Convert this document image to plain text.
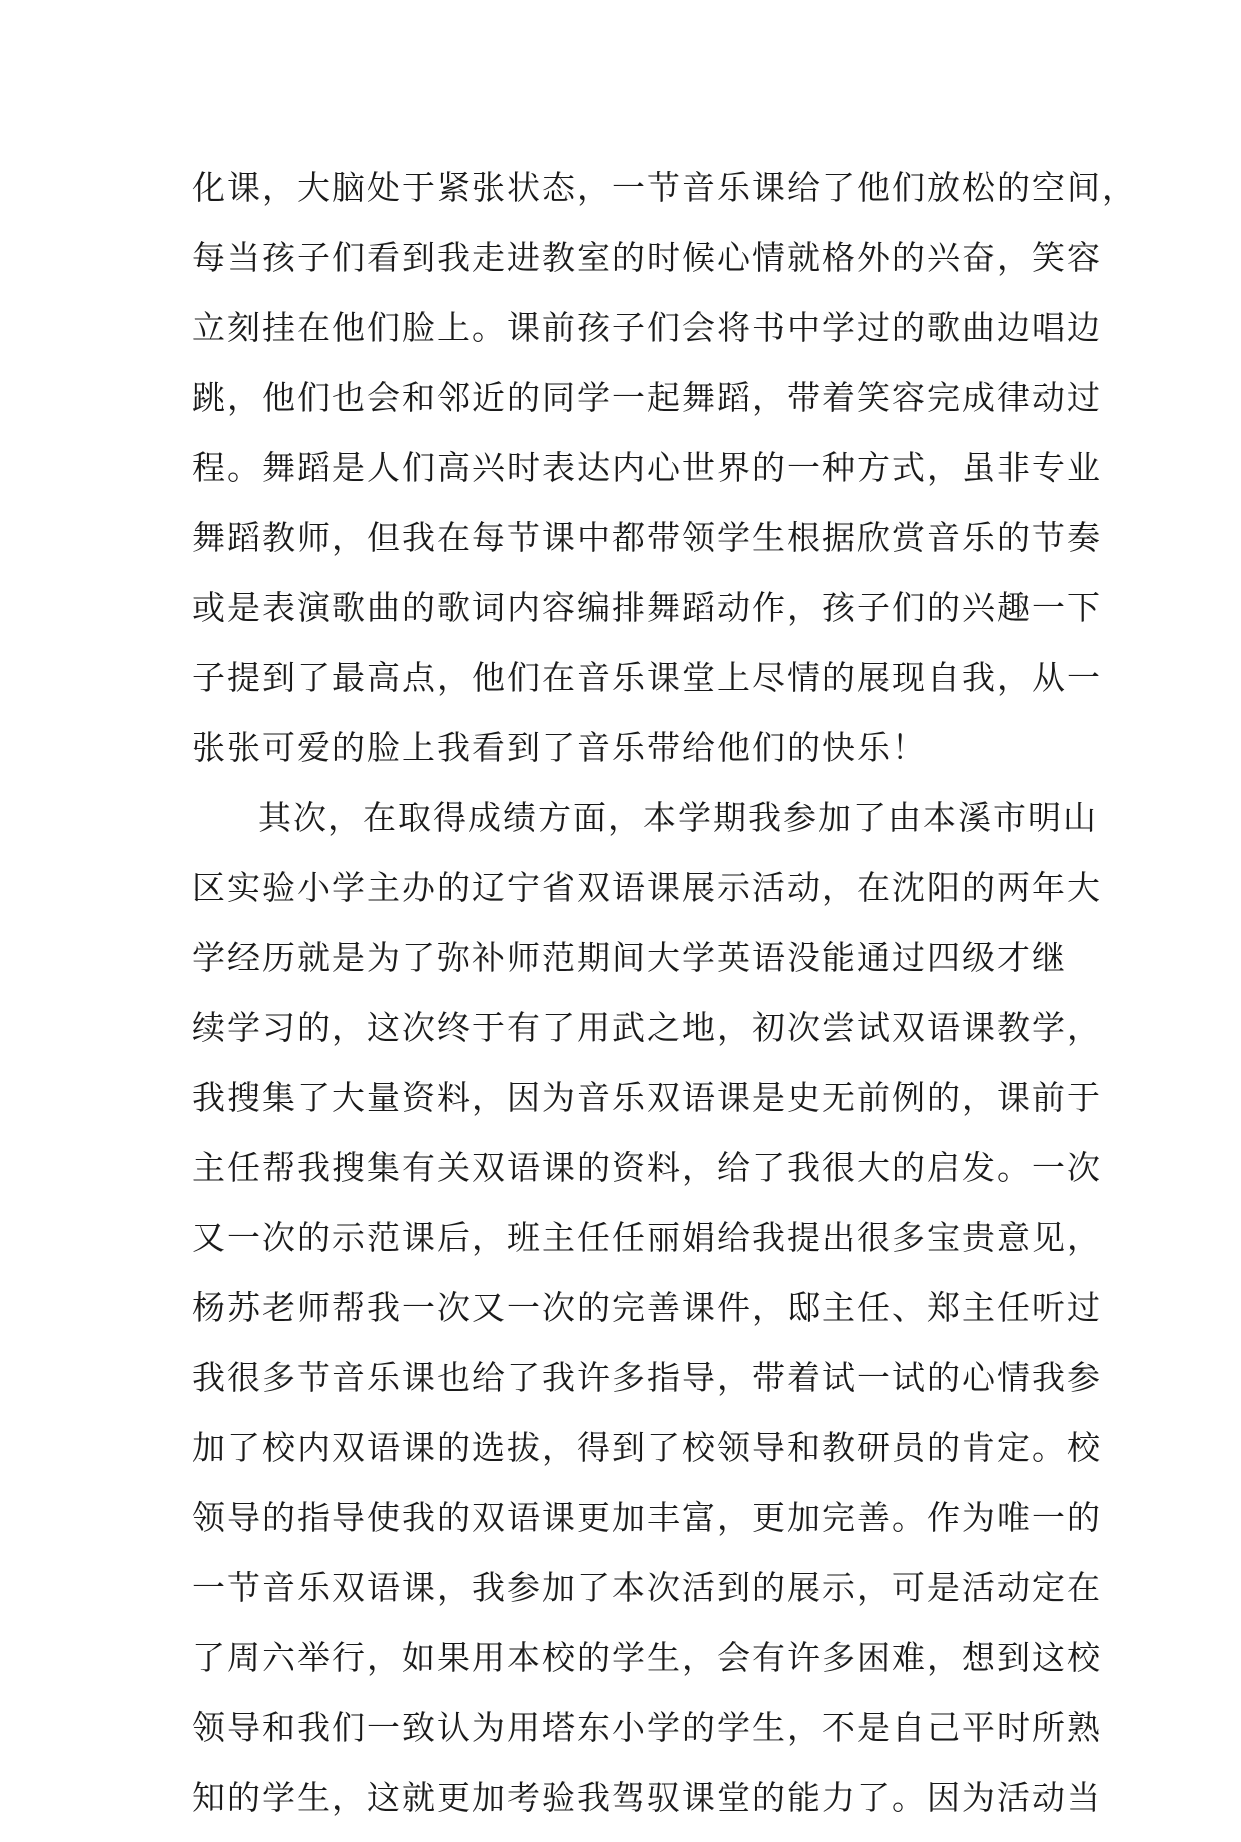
化课，大脑处于紧张状态，一节音乐课给了他们放松的空间，
每当孩子们看到我走进教室的时候心情就格外的兴奋，笑容
立刻挂在他们脸上。课前孩子们会将书中学过的歌曲边唱边
跳，他们也会和邻近的同学一起舞蹈，带着笑容完成律动过
程。舞蹈是人们高兴时表达内心世界的一种方式，虽非专业
舞蹈教师，但我在每节课中都带领学生根据欣赏音乐的节奏
或是表演歌曲的歌词内容编排舞蹈动作，孩子们的兴趣一下
子提到了最高点，他们在音乐课堂上尽情的展现自我，从一
张张可爱的脸上我看到了音乐带给他们的快乐！
其次，在取得成绩方面，本学期我参加了由本溪市明山
区实验小学主办的辽宁省双语课展示活动，在沈阳的两年大
学经历就是为了弥补师范期间大学英语没能通过四级才继
续学习的，这次终于有了用武之地，初次尝试双语课教学，
我搜集了大量资料，因为音乐双语课是史无前例的，课前于
主任帮我搜集有关双语课的资料，给了我很大的启发。一次
又一次的示范课后，班主任任丽娟给我提出很多宝贵意见，
杨苏老师帮我一次又一次的完善课件，邸主任、郑主任听过
我很多节音乐课也给了我许多指导，带着试一试的心情我参
加了校内双语课的选拔，得到了校领导和教研员的肯定。校
领导的指导使我的双语课更加丰富，更加完善。作为唯一的
一节音乐双语课，我参加了本次活到的展示，可是活动定在
了周六举行，如果用本校的学生，会有许多困难，想到这校
领导和我们一致认为用塔东小学的学生，不是自己平时所熟
知的学生，这就更加考验我驾驭课堂的能力了。因为活动当
